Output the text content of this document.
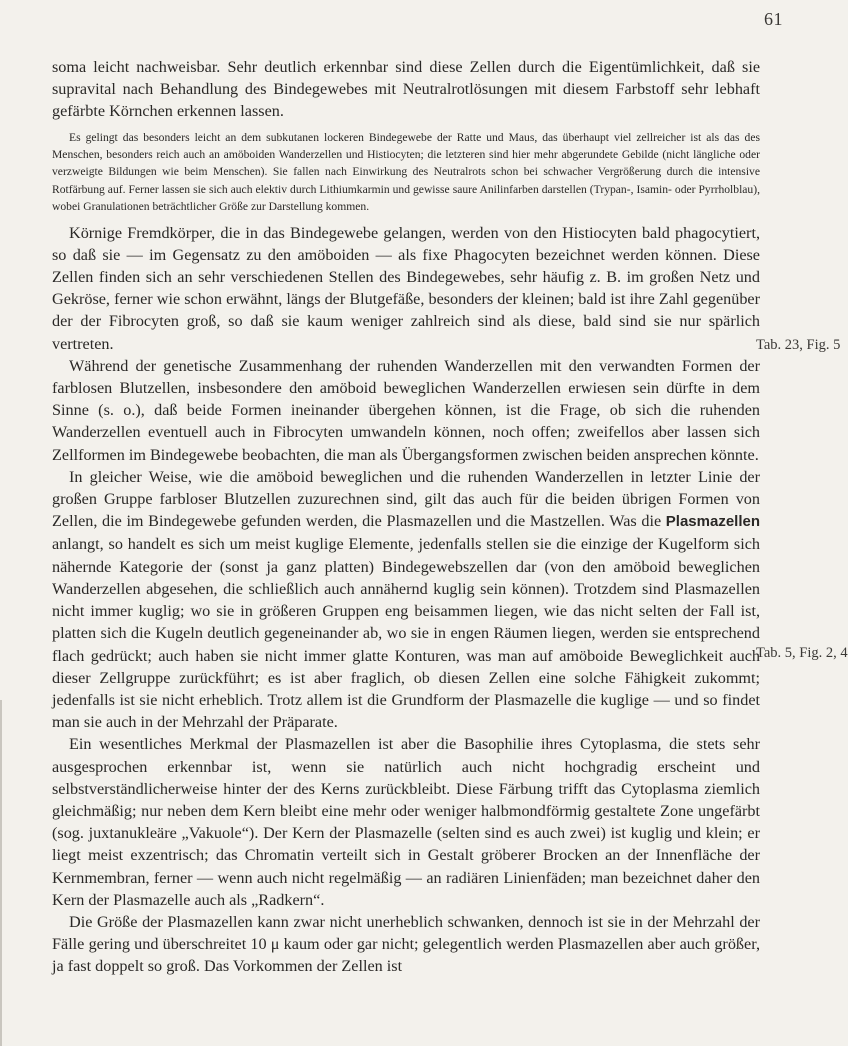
61
Tab. 23, Fig. 5
Tab. 5, Fig. 2, 4

soma leicht nachweisbar. Sehr deutlich erkennbar sind diese Zellen durch die Eigentümlichkeit, daß sie supravital nach Behandlung des Bindegewebes mit Neutralrotlösungen mit diesem Farbstoff sehr lebhaft gefärbte Körnchen erkennen lassen.

Es gelingt das besonders leicht an dem subkutanen lockeren Bindegewebe der Ratte und Maus, das überhaupt viel zellreicher ist als das des Menschen, besonders reich auch an amöboiden Wanderzellen und Histiocyten; die letzteren sind hier mehr abgerundete Gebilde (nicht längliche oder verzweigte Bildungen wie beim Menschen). Sie fallen nach Einwirkung des Neutralrots schon bei schwacher Vergrößerung durch die intensive Rotfärbung auf. Ferner lassen sie sich auch elektiv durch Lithiumkarmin und gewisse saure Anilinfarben darstellen (Trypan-, Isamin- oder Pyrrholblau), wobei Granulationen beträchtlicher Größe zur Darstellung kommen.

Körnige Fremdkörper, die in das Bindegewebe gelangen, werden von den Histiocyten bald phagocytiert, so daß sie — im Gegensatz zu den amöboiden — als fixe Phagocyten bezeichnet werden können. Diese Zellen finden sich an sehr verschiedenen Stellen des Bindegewebes, sehr häufig z. B. im großen Netz und Gekröse, ferner wie schon erwähnt, längs der Blutgefäße, besonders der kleinen; bald ist ihre Zahl gegenüber der der Fibrocyten groß, so daß sie kaum weniger zahlreich sind als diese, bald sind sie nur spärlich vertreten.

Während der genetische Zusammenhang der ruhenden Wanderzellen mit den verwandten Formen der farblosen Blutzellen, insbesondere den amöboid beweglichen Wanderzellen erwiesen sein dürfte in dem Sinne (s. o.), daß beide Formen ineinander übergehen können, ist die Frage, ob sich die ruhenden Wanderzellen eventuell auch in Fibrocyten umwandeln können, noch offen; zweifellos aber lassen sich Zellformen im Bindegewebe beobachten, die man als Übergangsformen zwischen beiden ansprechen könnte.

In gleicher Weise, wie die amöboid beweglichen und die ruhenden Wanderzellen in letzter Linie der großen Gruppe farbloser Blutzellen zuzurechnen sind, gilt das auch für die beiden übrigen Formen von Zellen, die im Bindegewebe gefunden werden, die Plasmazellen und die Mastzellen. Was die Plasmazellen anlangt, so handelt es sich um meist kuglige Elemente, jedenfalls stellen sie die einzige der Kugelform sich nähernde Kategorie der (sonst ja ganz platten) Bindegewebszellen dar (von den amöboid beweglichen Wanderzellen abgesehen, die schließlich auch annähernd kuglig sein können). Trotzdem sind Plasmazellen nicht immer kuglig; wo sie in größeren Gruppen eng beisammen liegen, wie das nicht selten der Fall ist, platten sich die Kugeln deutlich gegeneinander ab, wo sie in engen Räumen liegen, werden sie entsprechend flach gedrückt; auch haben sie nicht immer glatte Konturen, was man auf amöboide Beweglichkeit auch dieser Zellgruppe zurückführt; es ist aber fraglich, ob diesen Zellen eine solche Fähigkeit zukommt; jedenfalls ist sie nicht erheblich. Trotz allem ist die Grundform der Plasmazelle die kuglige — und so findet man sie auch in der Mehrzahl der Präparate.

Ein wesentliches Merkmal der Plasmazellen ist aber die Basophilie ihres Cytoplasma, die stets sehr ausgesprochen erkennbar ist, wenn sie natürlich auch nicht hochgradig erscheint und selbstverständlicherweise hinter der des Kerns zurückbleibt. Diese Färbung trifft das Cytoplasma ziemlich gleichmäßig; nur neben dem Kern bleibt eine mehr oder weniger halbmondförmig gestaltete Zone ungefärbt (sog. juxtanukleäre „Vakuole“). Der Kern der Plasmazelle (selten sind es auch zwei) ist kuglig und klein; er liegt meist exzentrisch; das Chromatin verteilt sich in Gestalt gröberer Brocken an der Innenfläche der Kernmembran, ferner — wenn auch nicht regelmäßig — an radiären Linienfäden; man bezeichnet daher den Kern der Plasmazelle auch als „Radkern“.

Die Größe der Plasmazellen kann zwar nicht unerheblich schwanken, dennoch ist sie in der Mehrzahl der Fälle gering und überschreitet 10 μ kaum oder gar nicht; gelegentlich werden Plasmazellen aber auch größer, ja fast doppelt so groß. Das Vorkommen der Zellen ist
